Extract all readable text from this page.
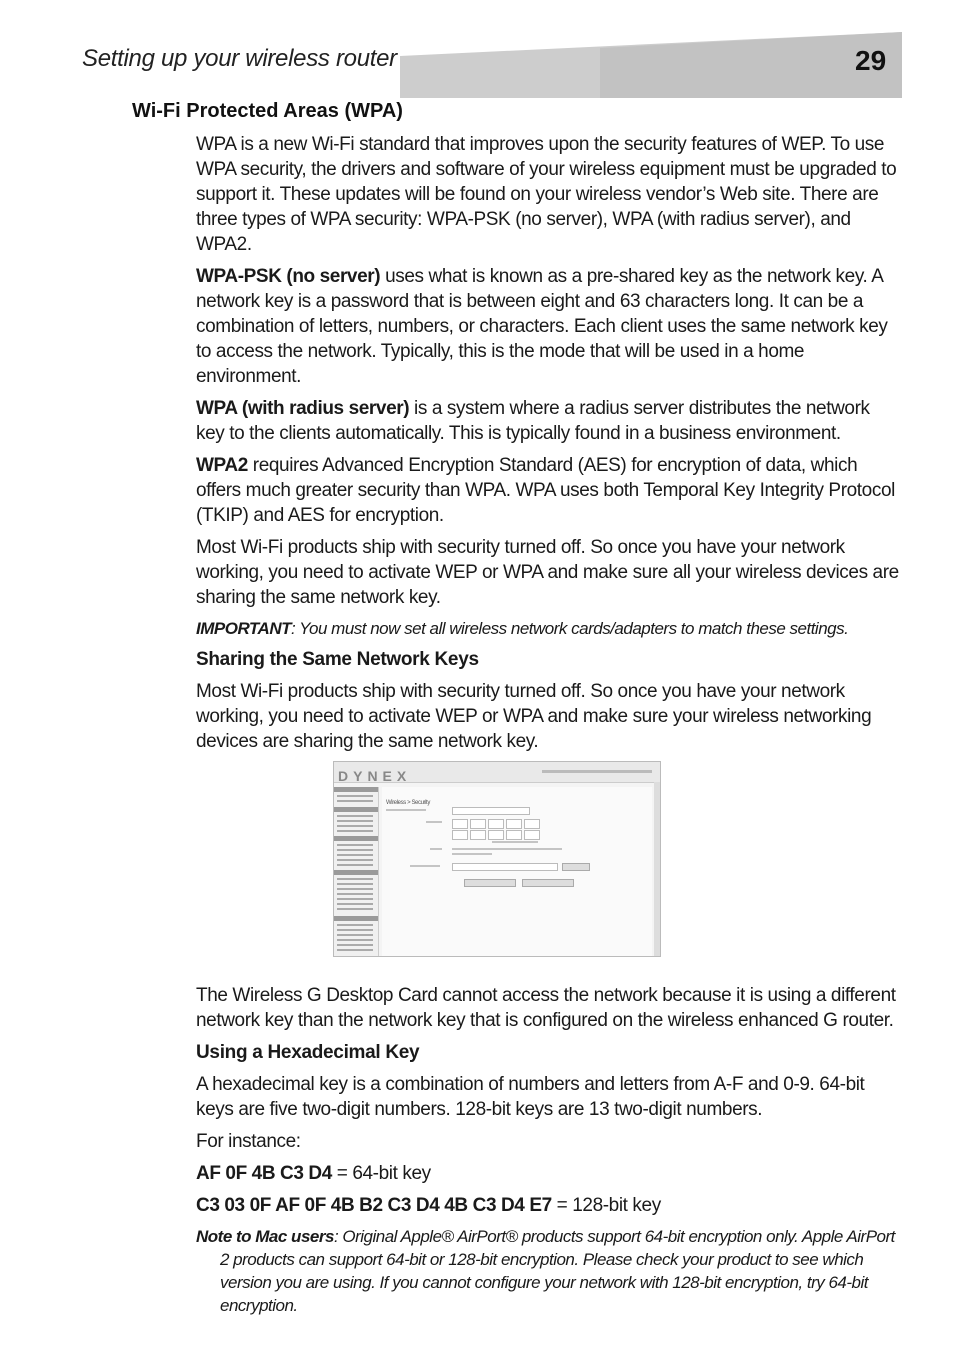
Setting up your wireless router	29
Wi-Fi Protected Areas (WPA)

WPA is a new Wi-Fi standard that improves upon the security features of WEP. To use WPA security, the drivers and software of your wireless equipment must be upgraded to support it. These updates will be found on your wireless vendor’s Web site. There are three types of WPA security: WPA-PSK (no server), WPA (with radius server), and WPA2.

WPA-PSK (no server) uses what is known as a pre-shared key as the network key. A network key is a password that is between eight and 63 characters long. It can be a combination of letters, numbers, or characters. Each client uses the same network key to access the network. Typically, this is the mode that will be used in a home environment.

WPA (with radius server) is a system where a radius server distributes the network key to the clients automatically. This is typically found in a business environment.

WPA2 requires Advanced Encryption Standard (AES) for encryption of data, which offers much greater security than WPA. WPA uses both Temporal Key Integrity Protocol (TKIP) and AES for encryption.

Most Wi-Fi products ship with security turned off. So once you have your network working, you need to activate WEP or WPA and make sure all your wireless devices are sharing the same network key.

IMPORTANT: You must now set all wireless network cards/adapters to match these settings.

Sharing the Same Network Keys

Most Wi-Fi products ship with security turned off. So once you have your network working, you need to activate WEP or WPA and make sure your wireless networking devices are sharing the same network key.

DYNEX
Wireless > Security

The Wireless G Desktop Card cannot access the network because it is using a different network key than the network key that is configured on the wireless enhanced G router.

Using a Hexadecimal Key

A hexadecimal key is a combination of numbers and letters from A-F and 0-9. 64-bit keys are five two-digit numbers. 128-bit keys are 13 two-digit numbers.

For instance:

AF 0F 4B C3 D4 = 64-bit key

C3 03 0F AF 0F 4B B2 C3 D4 4B C3 D4 E7 = 128-bit key

Note to Mac users: Original Apple® AirPort® products support 64-bit encryption only. Apple AirPort 2 products can support 64-bit or 128-bit encryption. Please check your product to see which version you are using. If you cannot configure your network with 128-bit encryption, try 64-bit encryption.
